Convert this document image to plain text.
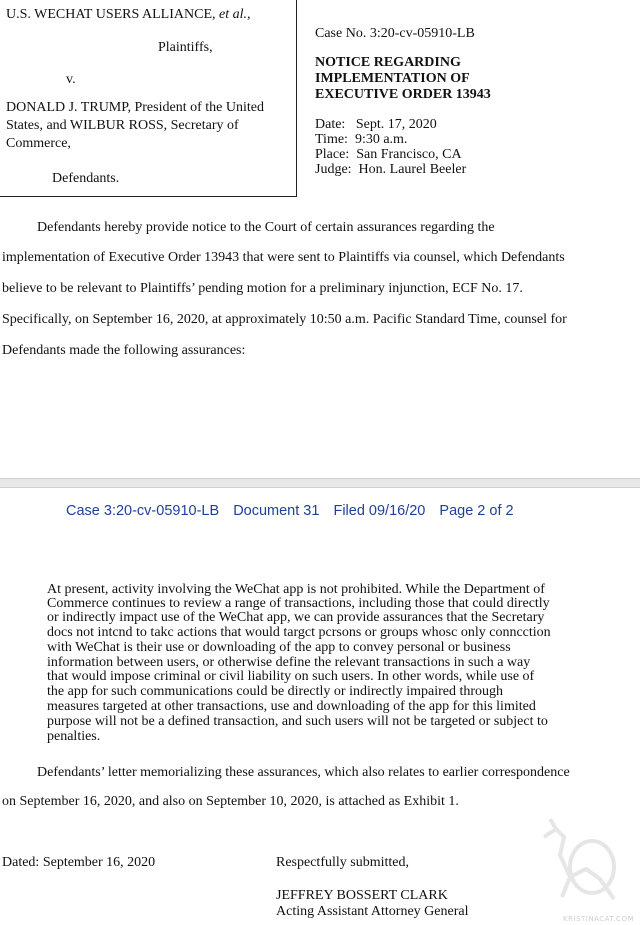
U.S. WECHAT USERS ALLIANCE, et al.,
Plaintiffs,
v.
DONALD J. TRUMP, President of the United
States, and WILBUR ROSS, Secretary of
Commerce,
Defendants.
Case No. 3:20-cv-05910-LB
NOTICE REGARDING
IMPLEMENTATION OF
EXECUTIVE ORDER 13943
Date:   Sept. 17, 2020
Time:  9:30 a.m.
Place:  San Francisco, CA
Judge:  Hon. Laurel Beeler
Defendants hereby provide notice to the Court of certain assurances regarding the
implementation of Executive Order 13943 that were sent to Plaintiffs via counsel, which Defendants
believe to be relevant to Plaintiffs’ pending motion for a preliminary injunction, ECF No. 17.
Specifically, on September 16, 2020, at approximately 10:50 a.m. Pacific Standard Time, counsel for
Defendants made the following assurances:
Case 3:20-cv-05910-LB Document 31 Filed 09/16/20 Page 2 of 2
At present, activity involving the WeChat app is not prohibited. While the Department of
Commerce continues to review a range of transactions, including those that could directly
or indirectly impact use of the WeChat app, we can provide assurances that the Secretary
docs not intcnd to takc actions that would targct pcrsons or groups whosc only conncction
with WeChat is their use or downloading of the app to convey personal or business
information between users, or otherwise define the relevant transactions in such a way
that would impose criminal or civil liability on such users. In other words, while use of
the app for such communications could be directly or indirectly impaired through
measures targeted at other transactions, use and downloading of the app for this limited
purpose will not be a defined transaction, and such users will not be targeted or subject to
penalties.
Defendants’ letter memorializing these assurances, which also relates to earlier correspondence
on September 16, 2020, and also on September 10, 2020, is attached as Exhibit 1.
Dated: September 16, 2020	Respectfully submitted,
JEFFREY BOSSERT CLARK
Acting Assistant Attorney General	KRISTINACAT.COM
